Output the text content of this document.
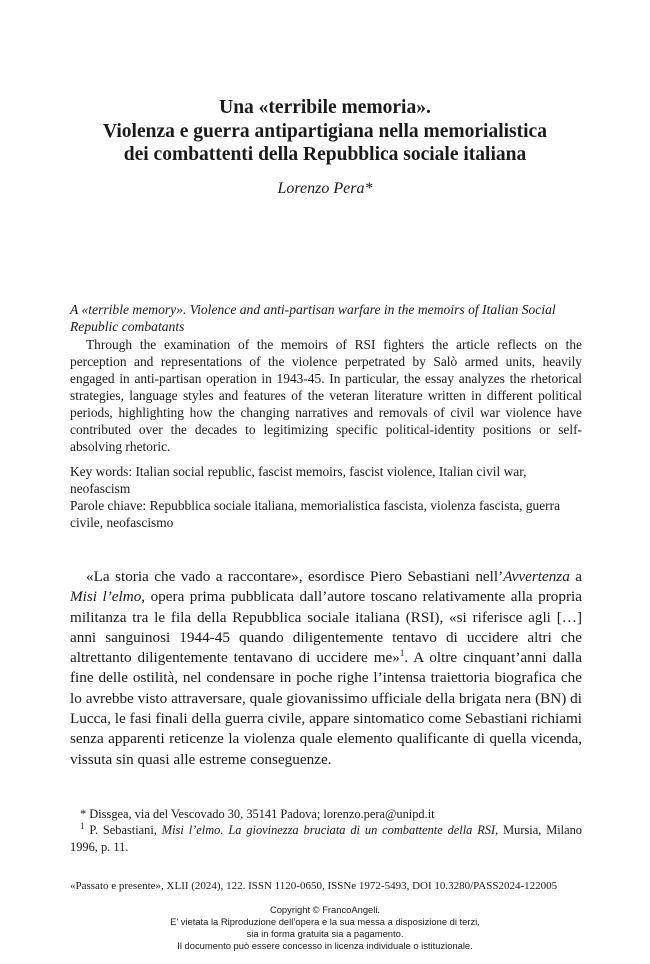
Una «terribile memoria».
Violenza e guerra antipartigiana nella memorialistica
dei combattenti della Repubblica sociale italiana
Lorenzo Pera*
A «terrible memory». Violence and anti-partisan warfare in the memoirs of Italian Social Republic combatants
Through the examination of the memoirs of RSI fighters the article reflects on the perception and representations of the violence perpetrated by Salò armed units, heavily engaged in anti-partisan operation in 1943-45. In particular, the essay analyzes the rhetorical strategies, language styles and features of the veteran literature written in different political periods, highlighting how the changing narratives and removals of civil war violence have contributed over the decades to legitimizing specific political-identity positions or self-absolving rhetoric.

Key words: Italian social republic, fascist memoirs, fascist violence, Italian civil war, neofascism

Parole chiave: Repubblica sociale italiana, memorialistica fascista, violenza fascista, guerra civile, neofascismo

«La storia che vado a raccontare», esordisce Piero Sebastiani nell’Avvertenza a Misi l’elmo, opera prima pubblicata dall’autore toscano relativamente alla propria militanza tra le fila della Repubblica sociale italiana (RSI), «si riferisce agli […] anni sanguinosi 1944-45 quando diligentemente tentavo di uccidere altri che altrettanto diligentemente tentavano di uccidere me»$^1$. A oltre cinquant’anni dalla fine delle ostilità, nel condensare in poche righe l’intensa traiettoria biografica che lo avrebbe visto attraversare, quale giovanissimo ufficiale della brigata nera (BN) di Lucca, le fasi finali della guerra civile, appare sintomatico come Sebastiani richiami senza apparenti reticenze la violenza quale elemento qualificante di quella vicenda, vissuta sin quasi alle estreme conseguenze.

* Dissgea, via del Vescovado 30, 35141 Padova; lorenzo.pera@unipd.it

$^1$ P. Sebastiani, Misi l’elmo. La giovinezza bruciata di un combattente della RSI, Mursia, Milano 1996, p. 11.

«Passato e presente», XLII (2024), 122. ISSN 1120-0650, ISSNe 1972-5493, DOI 10.3280/PASS2024-122005
Copyright © FrancoAngeli.
E’ vietata la Riproduzione dell’opera e la sua messa a disposizione di terzi,
sia in forma gratuita sia a pagamento.
Il documento può essere concesso in licenza individuale o istituzionale.
